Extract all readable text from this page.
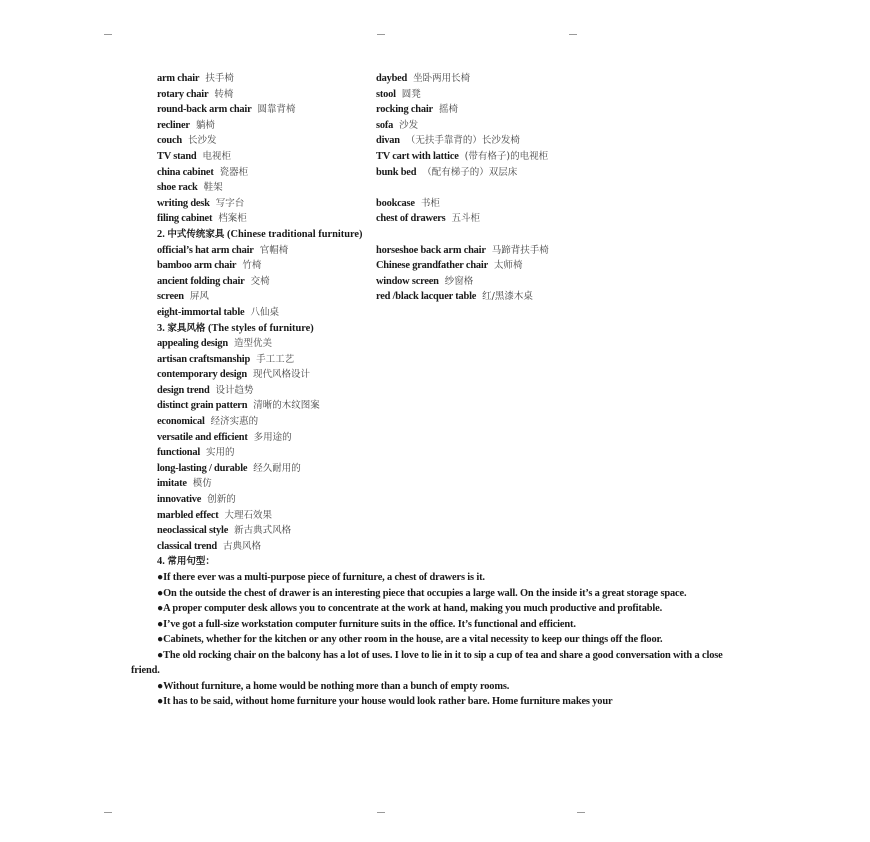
arm chair 扶手椅	daybed 坐卧两用长椅
rotary chair 转椅	stool 圆凳
round-back arm chair 圆靠背椅	rocking chair 摇椅
recliner 躺椅	sofa 沙发
couch 长沙发	divan （无扶手靠背的）长沙发椅
TV stand 电视柜	TV cart with lattice (带有格子)的电视柜
china cabinet 瓷器柜	bunk bed （配有梯子的）双层床
shoe rack 鞋架
writing desk 写字台	bookcase 书柜
filing cabinet 档案柜	chest of drawers 五斗柜
2. 中式传统家具 (Chinese traditional furniture)
official’s hat arm chair 官帽椅	horseshoe back arm chair 马蹄背扶手椅
bamboo arm chair 竹椅	Chinese grandfather chair 太师椅
ancient folding chair 交椅	window screen 纱窗格
screen 屏风	red /black lacquer table 红/黑漆木桌
eight-immortal table 八仙桌
3. 家具风格 (The styles of furniture)
appealing design 造型优美
artisan craftsmanship 手工工艺
contemporary design 现代风格设计
design trend 设计趋势
distinct grain pattern 清晰的木纹图案
economical 经济实惠的
versatile and efficient 多用途的
functional 实用的
long-lasting / durable 经久耐用的
imitate 模仿
innovative 创新的
marbled effect 大理石效果
neoclassical style 新古典式风格
classical trend 古典风格
4. 常用句型：

●If there ever was a multi-purpose piece of furniture, a chest of drawers is it.

●On the outside the chest of drawer is an interesting piece that occupies a large wall. On the inside it’s a great storage space.

●A proper computer desk allows you to concentrate at the work at hand, making you much productive and profitable.

●I’ve got a full-size workstation computer furniture suits in the office. It’s functional and efficient.

●Cabinets, whether for the kitchen or any other room in the house, are a vital necessity to keep our things off the floor.

●The old rocking chair on the balcony has a lot of uses. I love to lie in it to sip a cup of tea and share a good conversation with a close friend.

●Without furniture, a home would be nothing more than a bunch of empty rooms.

●It has to be said, without home furniture your house would look rather bare. Home furniture makes your
